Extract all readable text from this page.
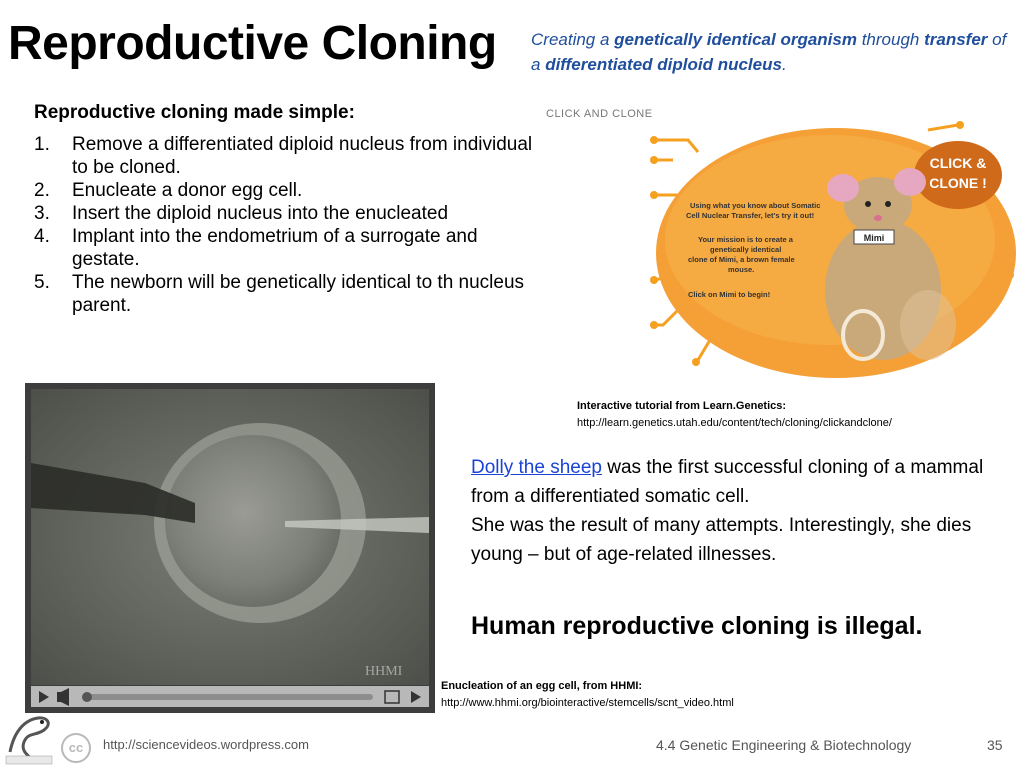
Reproductive Cloning Creating a genetically identical organism through transfer of a differentiated diploid nucleus.
Reproductive cloning made simple:
1.	Remove a differentiated diploid nucleus from individual to be cloned.
2.	Enucleate a donor egg cell.
3.	Insert the diploid nucleus into the enucleated
4.	Implant into the endometrium of a surrogate and gestate.
5.	The newborn will be genetically identical to th nucleus parent.
CLICK AND CLONE
CLICK &
CLONE !
Mimi
Using what you know about Somatic Cell Nuclear Transfer, let's try it out!
Your mission is to create a genetically identical clone of Mimi, a brown female mouse.
Click on Mimi to begin!
HHMI
Interactive tutorial from Learn.Genetics:
http://learn.genetics.utah.edu/content/tech/cloning/clickandclone/
Dolly the sheep was the first successful cloning of a mammal from a differentiated somatic cell.
She was the result of many attempts. Interestingly, she dies young – but of age-related illnesses.
Human reproductive cloning is illegal.
Enucleation of an egg cell, from HHMI:
http://www.hhmi.org/biointeractive/stemcells/scnt_video.html
cc	http://sciencevideos.wordpress.com	4.4 Genetic Engineering & Biotechnology	35
